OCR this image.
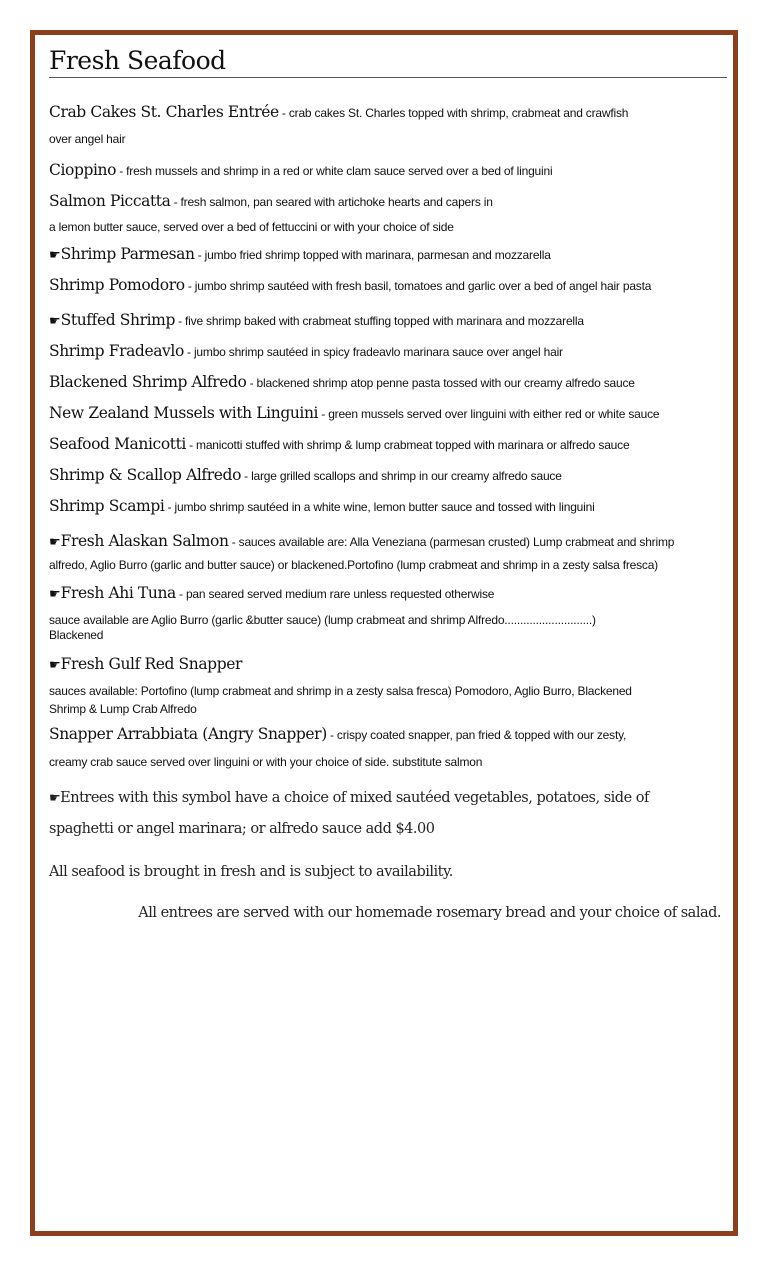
Fresh Seafood
Crab Cakes St. Charles Entrée - crab cakes St. Charles topped with shrimp, crabmeat and crawfish
over angel hair
Cioppino - fresh mussels and shrimp in a red or white clam sauce served over a bed of linguini
Salmon Piccatta - fresh salmon, pan seared with artichoke hearts and capers in
a lemon butter sauce, served over a bed of fettuccini or with your choice of side
☛Shrimp Parmesan - jumbo fried shrimp topped with marinara, parmesan and mozzarella
Shrimp Pomodoro - jumbo shrimp sautéed with fresh basil, tomatoes and garlic over a bed of angel hair pasta
☛Stuffed Shrimp - five shrimp baked with crabmeat stuffing topped with marinara and mozzarella
Shrimp Fradeavlo - jumbo shrimp sautéed in spicy fradeavlo marinara sauce over angel hair
Blackened Shrimp Alfredo - blackened shrimp atop penne pasta tossed with our creamy alfredo sauce
New Zealand Mussels with Linguini - green mussels served over linguini with either red or white sauce
Seafood Manicotti - manicotti stuffed with shrimp & lump crabmeat topped with marinara or alfredo sauce
Shrimp & Scallop Alfredo - large grilled scallops and shrimp in our creamy alfredo sauce
Shrimp Scampi - jumbo shrimp sautéed in a white wine, lemon butter sauce and tossed with linguini
☛Fresh Alaskan Salmon - sauces available are: Alla Veneziana (parmesan crusted) Lump crabmeat and shrimp
alfredo, Aglio Burro (garlic and butter sauce) or blackened.Portofino (lump crabmeat and shrimp in a zesty salsa fresca)
☛Fresh Ahi Tuna - pan seared served medium rare unless requested otherwise
sauce available are Aglio Burro (garlic &butter sauce) (lump crabmeat and shrimp Alfredo............................)
Blackened
☛Fresh Gulf Red Snapper
sauces available: Portofino (lump crabmeat and shrimp in a zesty salsa fresca) Pomodoro, Aglio Burro, Blackened
Shrimp & Lump Crab Alfredo
Snapper Arrabbiata (Angry Snapper) - crispy coated snapper, pan fried & topped with our zesty,
creamy crab sauce served over linguini or with your choice of side. substitute salmon
☛Entrees with this symbol have a choice of mixed sautéed vegetables, potatoes, side of
spaghetti or angel marinara; or alfredo sauce add $4.00
All seafood is brought in fresh and is subject to availability.
All entrees are served with our homemade rosemary bread and your choice of salad.
